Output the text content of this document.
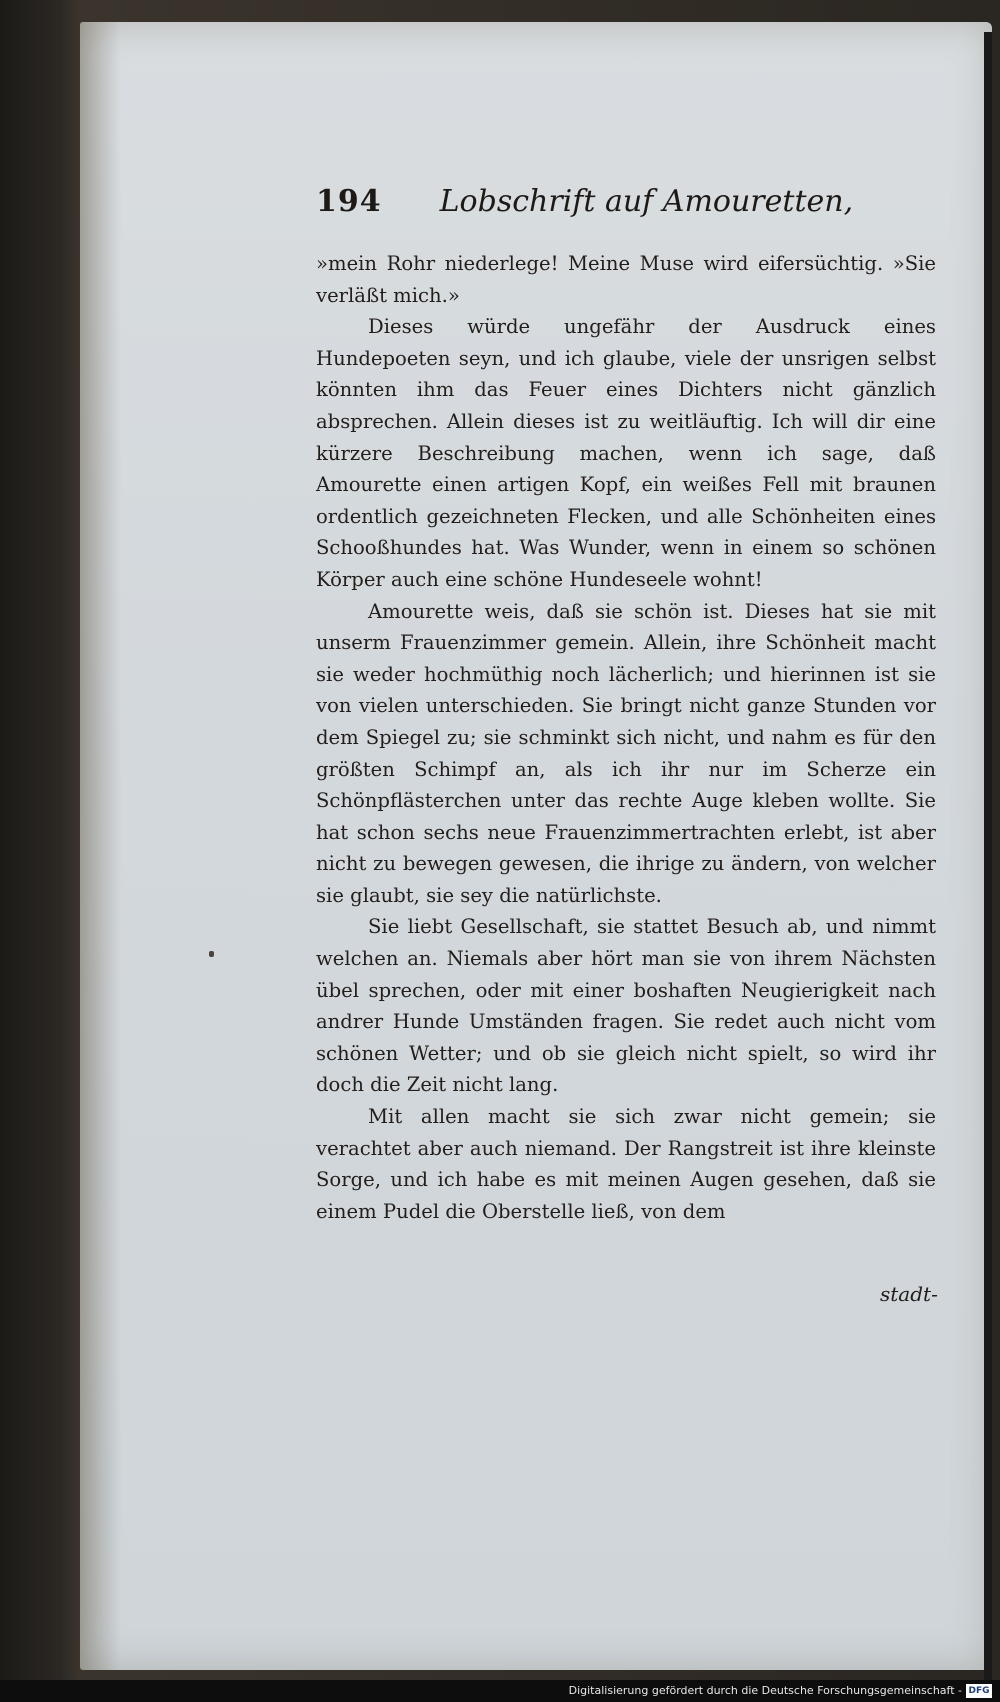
194 Lobschrift auf Amouretten,

»mein Rohr niederlege! Meine Muse wird eifersüchtig. »Sie verläßt mich.»

Dieses würde ungefähr der Ausdruck eines Hundepoeten seyn, und ich glaube, viele der unsrigen selbst könnten ihm das Feuer eines Dichters nicht gänzlich absprechen. Allein dieses ist zu weitläuftig. Ich will dir eine kürzere Beschreibung machen, wenn ich sage, daß Amourette einen artigen Kopf, ein weißes Fell mit braunen ordentlich gezeichneten Flecken, und alle Schönheiten eines Schooßhundes hat. Was Wunder, wenn in einem so schönen Körper auch eine schöne Hundeseele wohnt!

Amourette weis, daß sie schön ist. Dieses hat sie mit unserm Frauenzimmer gemein. Allein, ihre Schönheit macht sie weder hochmüthig noch lächerlich; und hierinnen ist sie von vielen unterschieden. Sie bringt nicht ganze Stunden vor dem Spiegel zu; sie schminkt sich nicht, und nahm es für den größten Schimpf an, als ich ihr nur im Scherze ein Schönpflästerchen unter das rechte Auge kleben wollte. Sie hat schon sechs neue Frauenzimmertrachten erlebt, ist aber nicht zu bewegen gewesen, die ihrige zu ändern, von welcher sie glaubt, sie sey die natürlichste.

Sie liebt Gesellschaft, sie stattet Besuch ab, und nimmt welchen an. Niemals aber hört man sie von ihrem Nächsten übel sprechen, oder mit einer boshaften Neugierigkeit nach andrer Hunde Umständen fragen. Sie redet auch nicht vom schönen Wetter; und ob sie gleich nicht spielt, so wird ihr doch die Zeit nicht lang.

Mit allen macht sie sich zwar nicht gemein; sie verachtet aber auch niemand. Der Rangstreit ist ihre kleinste Sorge, und ich habe es mit meinen Augen gesehen, daß sie einem Pudel die Oberstelle ließ, von dem

stadt-
Digitalisierung gefördert durch die Deutsche Forschungsgemeinschaft - DFG
